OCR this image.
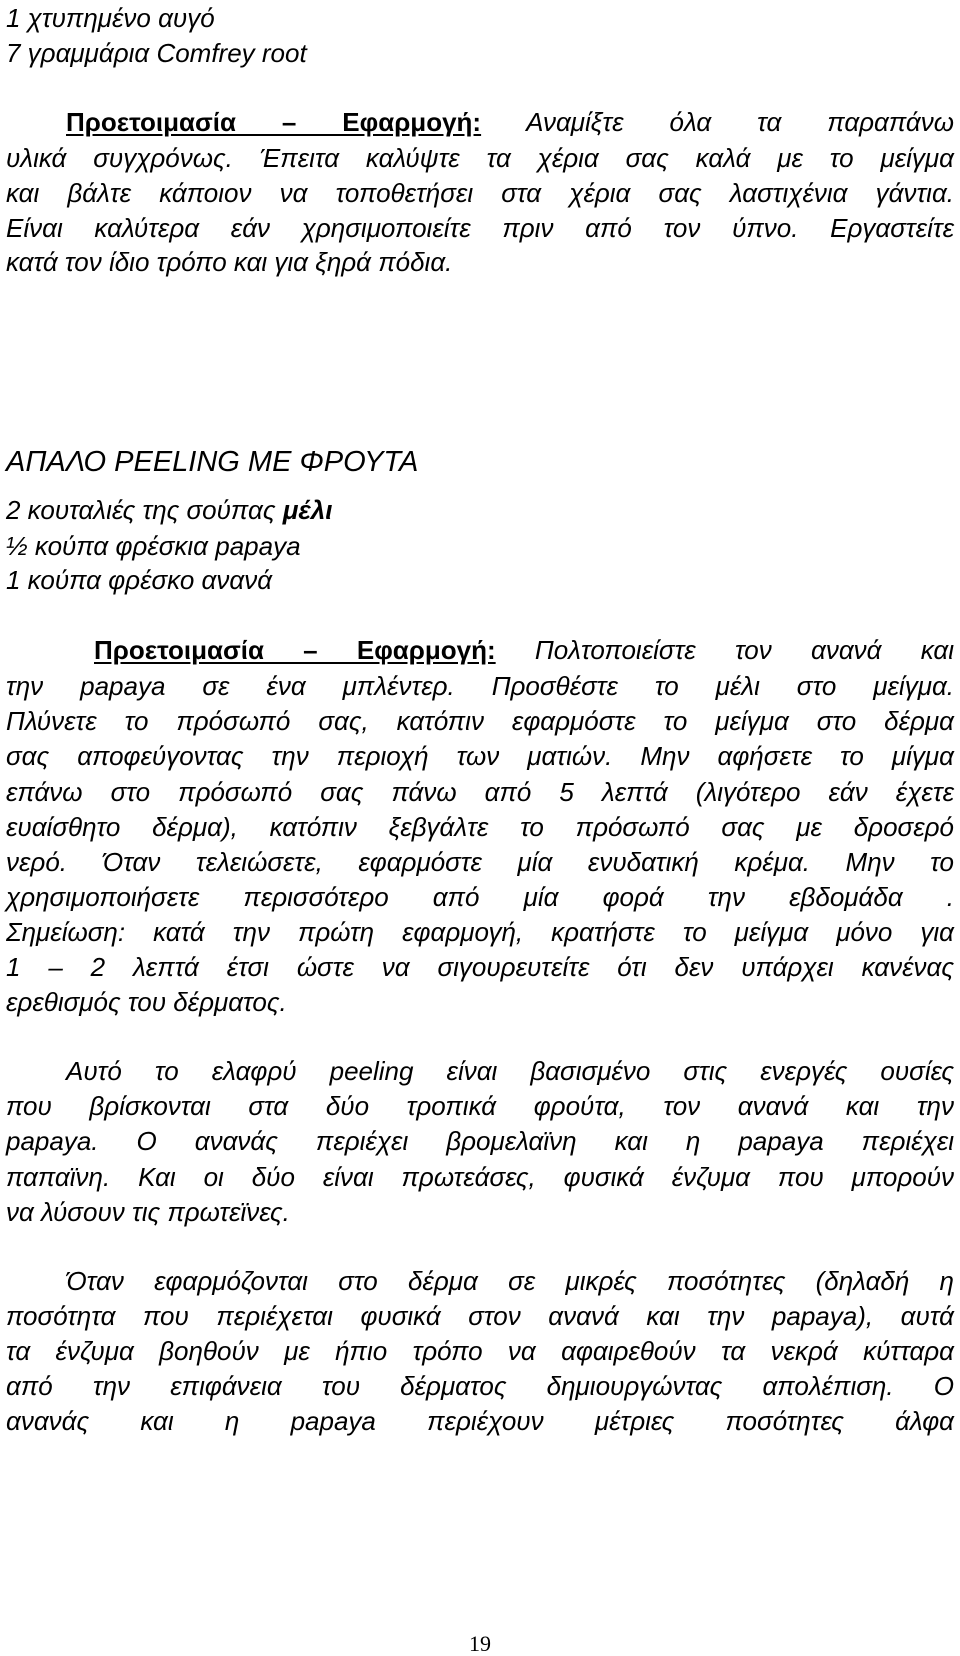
1 χτυπημένο αυγό
7 γραμμάρια Comfrey root
Προετοιμασία – Εφαρμογή: Αναμίξτε όλα τα παραπάνω
υλικά συγχρόνως. Έπειτα καλύψτε τα χέρια σας καλά με το μείγμα
και βάλτε κάποιον να τοποθετήσει στα χέρια σας λαστιχένια γάντια.
Είναι καλύτερα εάν χρησιμοποιείτε πριν από τον ύπνο. Εργαστείτε
κατά τον ίδιο τρόπο και για ξηρά πόδια.
ΑΠΑΛΟ PEELING ΜΕ ΦΡΟΥΤΑ
2 κουταλιές της σούπας μέλι
½ κούπα φρέσκια papaya
1 κούπα φρέσκο ανανά
Προετοιμασία – Εφαρμογή: Πολτοποιείστε τον ανανά και
την papaya σε ένα μπλέντερ. Προσθέστε το μέλι στο μείγμα.
Πλύνετε το πρόσωπό σας, κατόπιν εφαρμόστε το μείγμα στο δέρμα
σας αποφεύγοντας την περιοχή των ματιών. Μην αφήσετε το μίγμα
επάνω στο πρόσωπό σας πάνω από 5 λεπτά (λιγότερο εάν έχετε
ευαίσθητο δέρμα), κατόπιν ξεβγάλτε το πρόσωπό σας με δροσερό
νερό. Όταν τελειώσετε, εφαρμόστε μία ενυδατική κρέμα. Μην το
χρησιμοποιήσετε περισσότερο από μία φορά την εβδομάδα .
Σημείωση: κατά την πρώτη εφαρμογή, κρατήστε το μείγμα μόνο για
1 – 2 λεπτά έτσι ώστε να σιγουρευτείτε ότι δεν υπάρχει κανένας
ερεθισμός του δέρματος.
Αυτό το ελαφρύ peeling είναι βασισμένο στις ενεργές ουσίες
που βρίσκονται στα δύο τροπικά φρούτα, τον ανανά και την
papaya. Ο ανανάς περιέχει βρομελαϊνη και η papaya περιέχει
παπαϊνη. Και οι δύο είναι πρωτεάσες, φυσικά ένζυμα που μπορούν
να λύσουν τις πρωτεϊνες.
Όταν εφαρμόζονται στο δέρμα σε μικρές ποσότητες (δηλαδή η
ποσότητα που περιέχεται φυσικά στον ανανά και την papaya), αυτά
τα ένζυμα βοηθούν με ήπιο τρόπο να αφαιρεθούν τα νεκρά κύτταρα
από την επιφάνεια του δέρματος δημιουργώντας απολέπιση. Ο
ανανάς και η papaya περιέχουν μέτριες ποσότητες άλφα
19
